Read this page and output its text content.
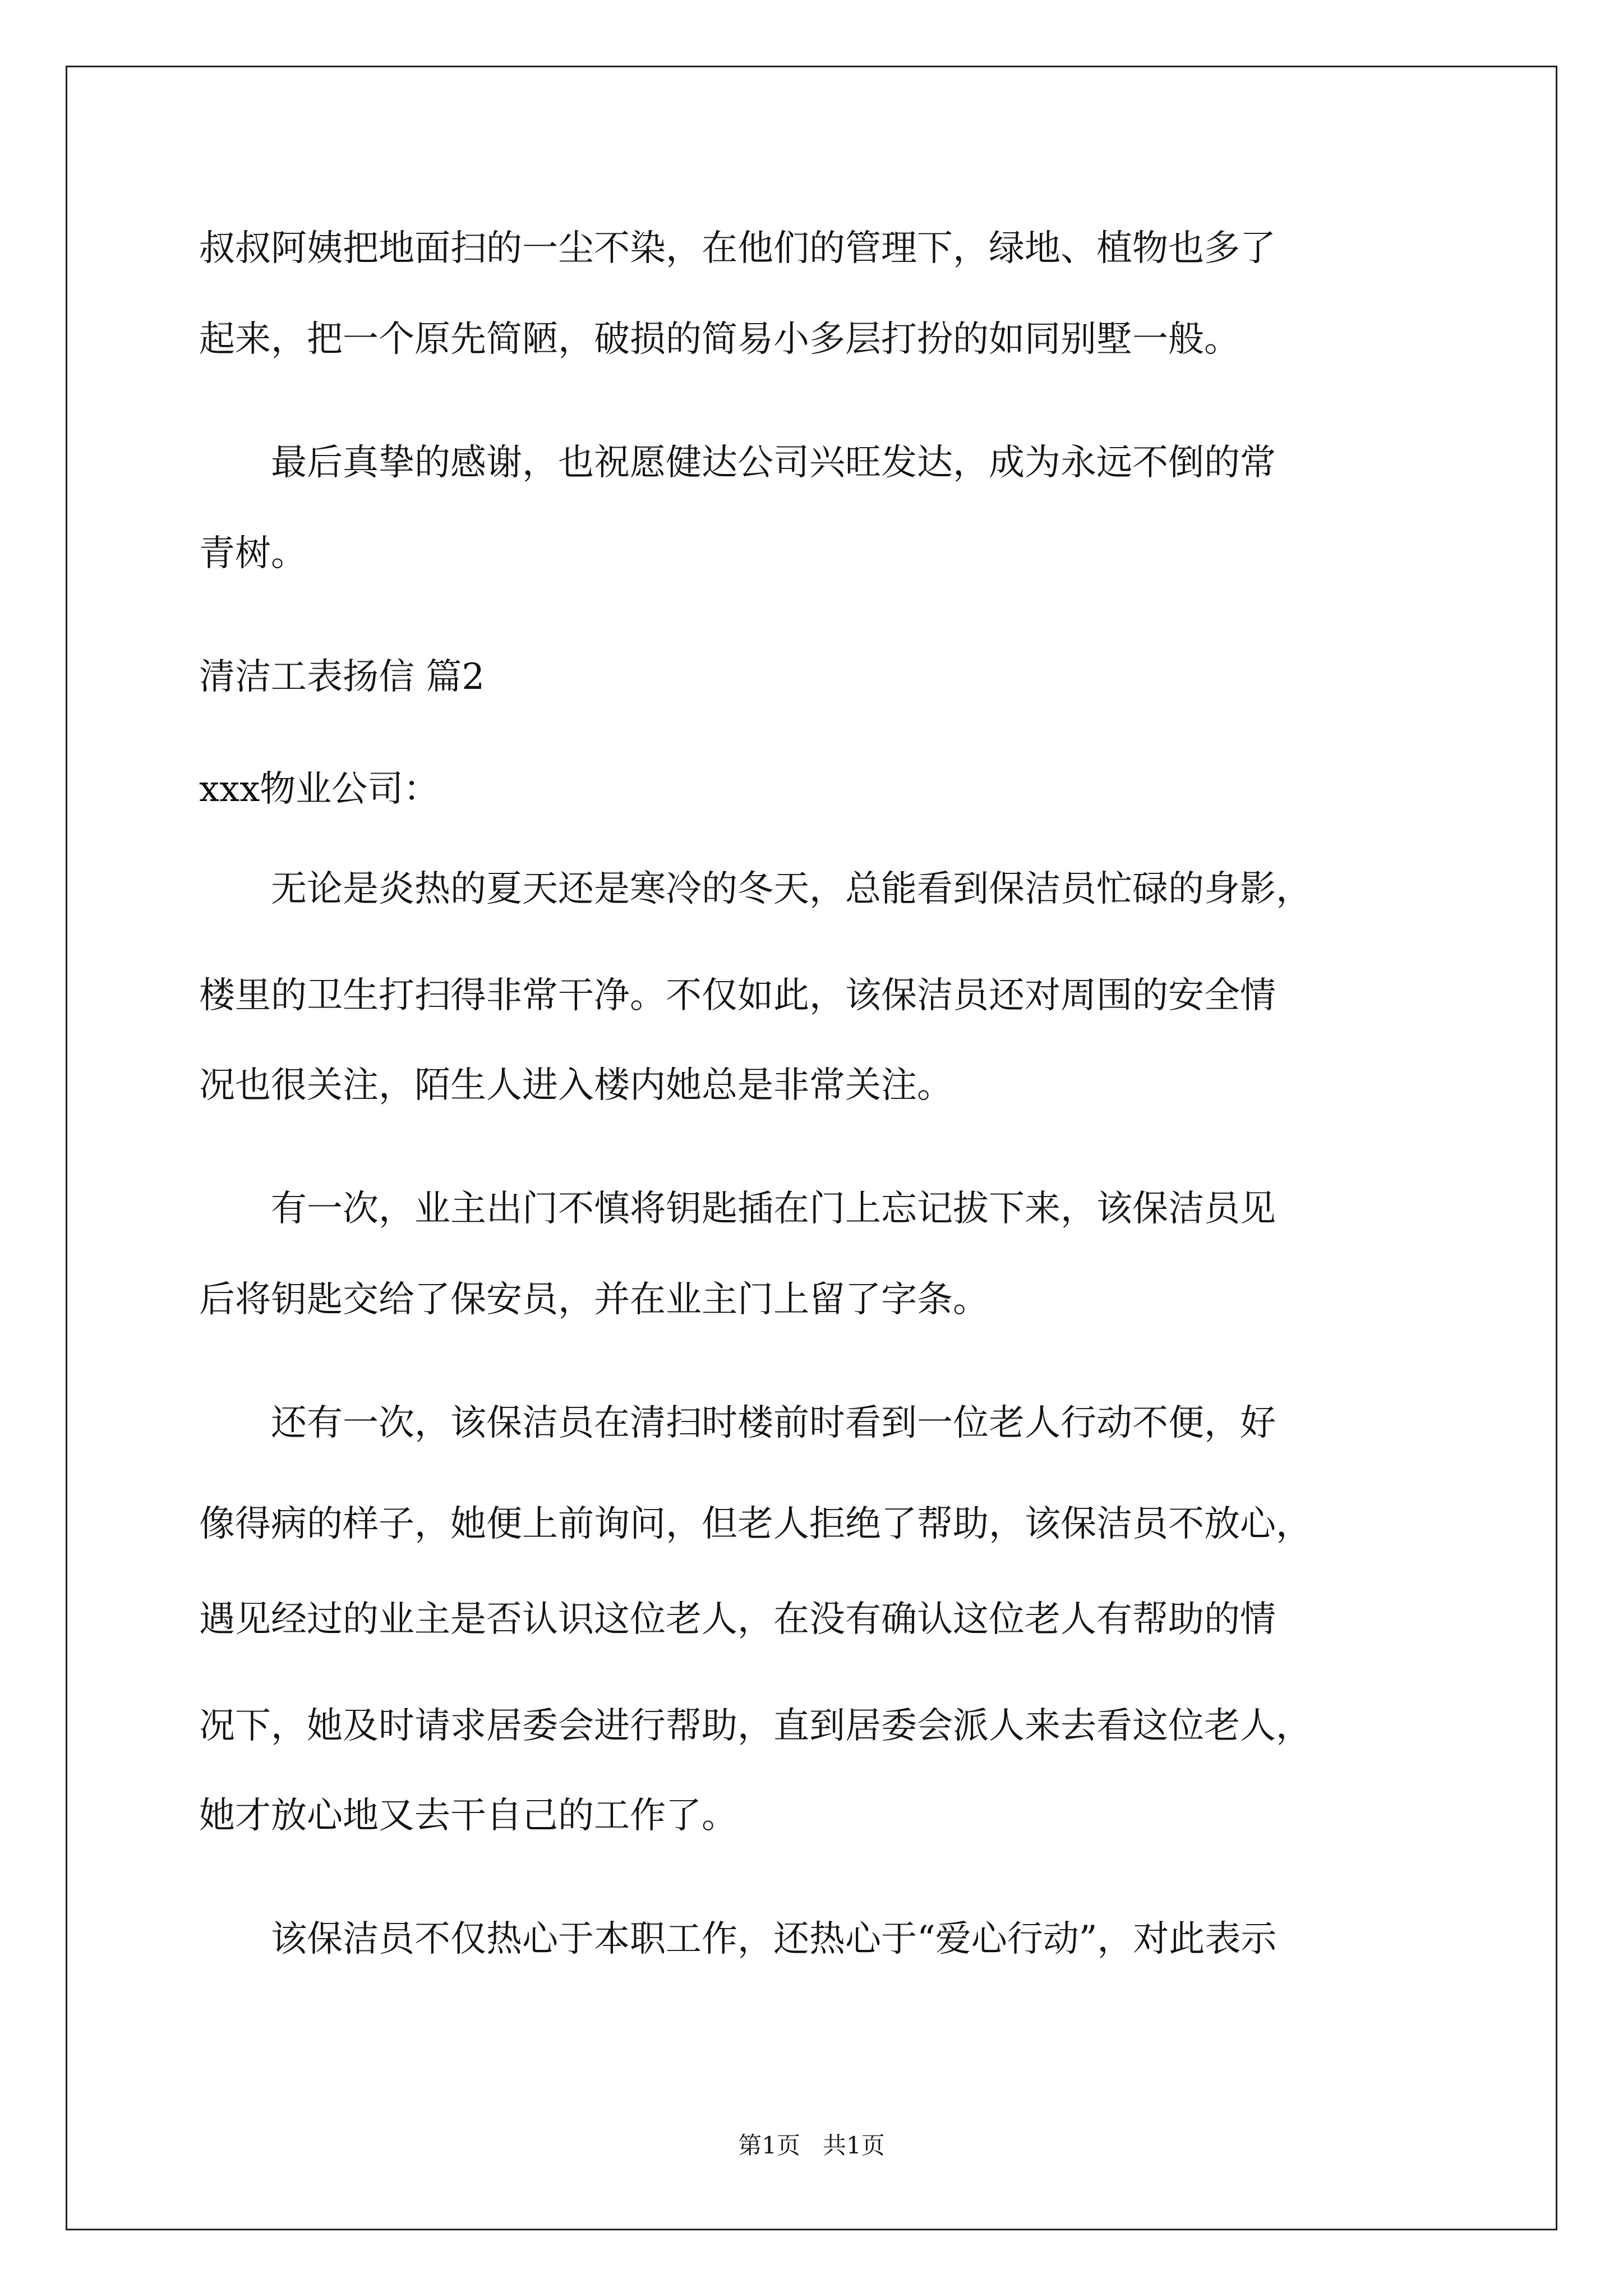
叔叔阿姨把地面扫的一尘不染，在他们的管理下，绿地、植物也多了
起来，把一个原先简陋，破损的简易小多层打扮的如同别墅一般。
　　最后真挚的感谢，也祝愿健达公司兴旺发达，成为永远不倒的常
青树。
清洁工表扬信 篇2
xxx物业公司：
　　无论是炎热的夏天还是寒冷的冬天，总能看到保洁员忙碌的身影，
楼里的卫生打扫得非常干净。不仅如此，该保洁员还对周围的安全情
况也很关注，陌生人进入楼内她总是非常关注。
　　有一次，业主出门不慎将钥匙插在门上忘记拔下来，该保洁员见
后将钥匙交给了保安员，并在业主门上留了字条。
　　还有一次，该保洁员在清扫时楼前时看到一位老人行动不便，好
像得病的样子，她便上前询问，但老人拒绝了帮助，该保洁员不放心，
遇见经过的业主是否认识这位老人，在没有确认这位老人有帮助的情
况下，她及时请求居委会进行帮助，直到居委会派人来去看这位老人，
她才放心地又去干自己的工作了。
　　该保洁员不仅热心于本职工作，还热心于“爱心行动”，对此表示
第1页 共1页
